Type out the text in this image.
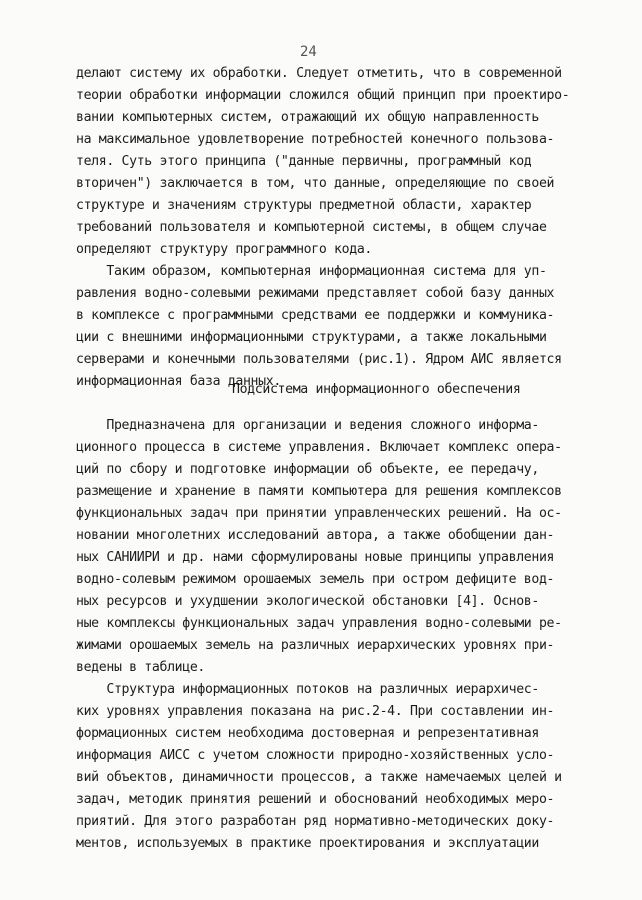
24
делают систему их обработки. Следует отметить, что в современной
теории обработки информации сложился общий принцип при проектиро-
вании компьютерных систем, отражающий их общую направленность
на максимальное удовлетворение потребностей конечного пользова-
теля. Суть этого принципа ("данные первичны, программный код
вторичен") заключается в том, что данные, определяющие по своей
структуре и значениям структуры предметной области, характер
требований пользователя и компьютерной системы, в общем случае
определяют структуру программного кода.
Таким образом, компьютерная информационная система для уп-
равления водно-солевыми режимами представляет собой базу данных
в комплексе с программными средствами ее поддержки и коммуника-
ции с внешними информационными структурами, а также локальными
серверами и конечными пользователями (рис.1). Ядром АИС является
информационная база данных.
Подсистема информационного обеспечения
Предназначена для организации и ведения сложного информа-
ционного процесса в системе управления. Включает комплекс опера-
ций по сбору и подготовке информации об объекте, ее передачу,
размещение и хранение в памяти компьютера для решения комплексов
функциональных задач при принятии управленческих решений. На ос-
новании многолетних исследований автора, а также обобщении дан-
ных САНИИРИ и др. нами сформулированы новые принципы управления
водно-солевым режимом орошаемых земель при остром дефиците вод-
ных ресурсов и ухудшении экологической обстановки [4]. Основ-
ные комплексы функциональных задач управления водно-солевыми ре-
жимами орошаемых земель на различных иерархических уровнях при-
ведены в таблице.
Структура информационных потоков на различных иерархичес-
ких уровнях управления показана на рис.2-4. При составлении ин-
формационных систем необходима достоверная и репрезентативная
информация АИСС с учетом сложности природно-хозяйственных усло-
вий объектов, динамичности процессов, а также намечаемых целей и
задач, методик принятия решений и обоснований необходимых меро-
приятий. Для этого разработан ряд нормативно-методических доку-
ментов, используемых в практике проектирования и эксплуатации
